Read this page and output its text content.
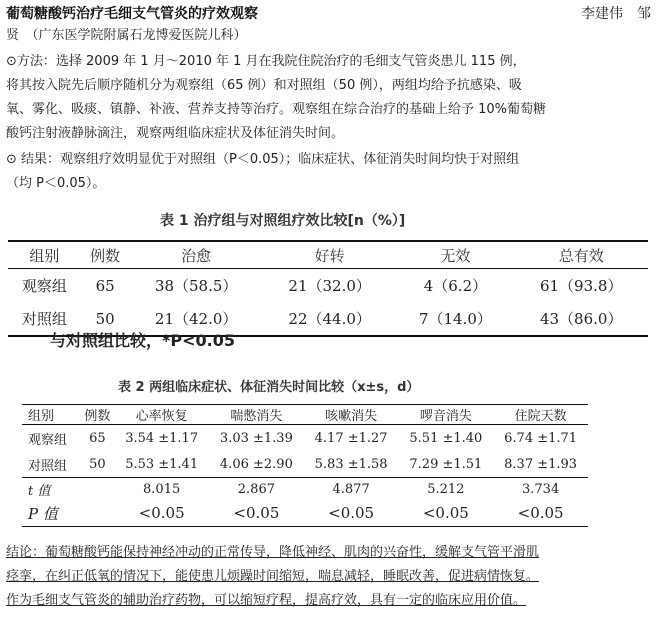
葡萄糖酸钙治疗毛细支气管炎的疗效观察	李建伟　邹
贤　（广东医学院附属石龙博爱医院儿科）
⊙方法：选择 2009 年 1 月～2010 年 1 月在我院住院治疗的毛细支气管炎患儿 115 例，
将其按入院先后顺序随机分为观察组（65 例）和对照组（50 例），两组均给予抗感染、吸
氧、雾化、吸痰、镇静、补液、营养支持等治疗。观察组在综合治疗的基础上给予 10%葡萄糖
酸钙注射液静脉滴注，观察两组临床症状及体征消失时间。
⊙ 结果：观察组疗效明显优于对照组（P＜0.05）；临床症状、体征消失时间均快于对照组
（均 P＜0.05）。
表 1 治疗组与对照组疗效比较[n（%）]
组别	例数	治愈	好转	无效	总有效
观察组	65	38（58.5）	21（32.0）	4（6.2）	61（93.8）
对照组	50	21（42.0）	22（44.0）	7（14.0）	43（86.0）
与对照组比较，*P<0.05
表 2 两组临床症状、体征消失时间比较（x±s，d）
组别	例数	心率恢复	喘憋消失	咳嗽消失	啰音消失	住院天数
观察组	65	3.54 ±1.17	3.03 ±1.39	4.17 ±1.27	5.51 ±1.40	6.74 ±1.71
对照组	50	5.53 ±1.41	4.06 ±2.90	5.83 ±1.58	7.29 ±1.51	8.37 ±1.93
t 值		8.015	2.867	4.877	5.212	3.734
P 值		<0.05	<0.05	<0.05	<0.05	<0.05
结论：葡萄糖酸钙能保持神经冲动的正常传导，降低神经、肌肉的兴奋性，缓解支气管平滑肌
痉挛，在纠正低氧的情况下，能使患儿烦躁时间缩短，喘息减轻，睡眠改善，促进病情恢复。
作为毛细支气管炎的辅助治疗药物，可以缩短疗程，提高疗效，具有一定的临床应用价值。
